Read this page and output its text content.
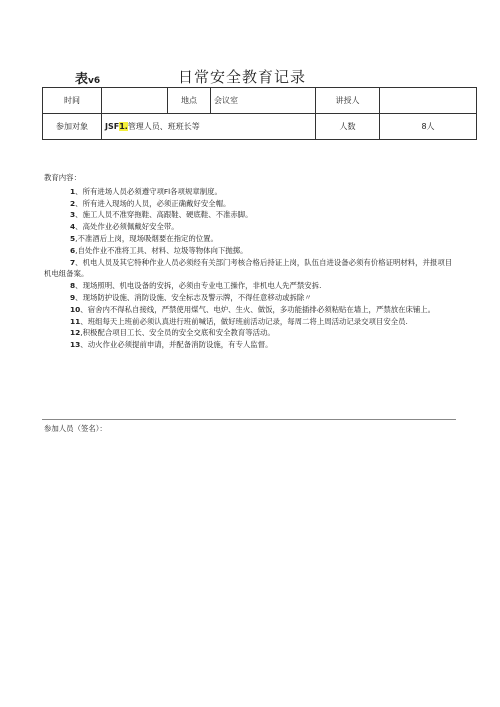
表v6	日常安全教育记录
时间		地点	会议室	讲授人	
参加对象	JSF1.管理人员、班班长等			人数	8人
教育内容：

1、所有进场人员必须遵守项Fl各项规章制度。

2、所有进入现场的人员，必须正确戴好安全帽。

3、施工人员不准穿拖鞋、高跟鞋、硬底鞋、不准赤脚。

4、高处作业必须佩戴好安全带。

5,不准酒后上岗，现场吸烟要在指定的位置。

6,自处作业不准将工具、材料、垃圾等物体向下抛掷。

7、机电人员及其它特种作业人员必须经有关部门考核合格后持证上岗，队伍自进设备必须有价格证明材料，并报项目机电组备案。

8、现场照明、机电设备的安拆，必须由专业电工操作，非机电人先严禁安拆.

9、现场防护设施、消防设施、安全标志及警示牌，不得任意移动或拆除〃

10、宿舍内不得私自接线，严禁使用煤气、电炉、生火、做饭，多功能插排必须粘贴在墙上，严禁放在床铺上。

11、班组每天上班前必须认真进行班前喊话，做好班前活动记录，每周二将上周活动记录交项目安全员.

12,积极配合项目工长、安全员的安全交底和安全教育等活动。

13、动火作业必须提前申请，并配备消防设施，有专人监督。

参加人员（签名）：
